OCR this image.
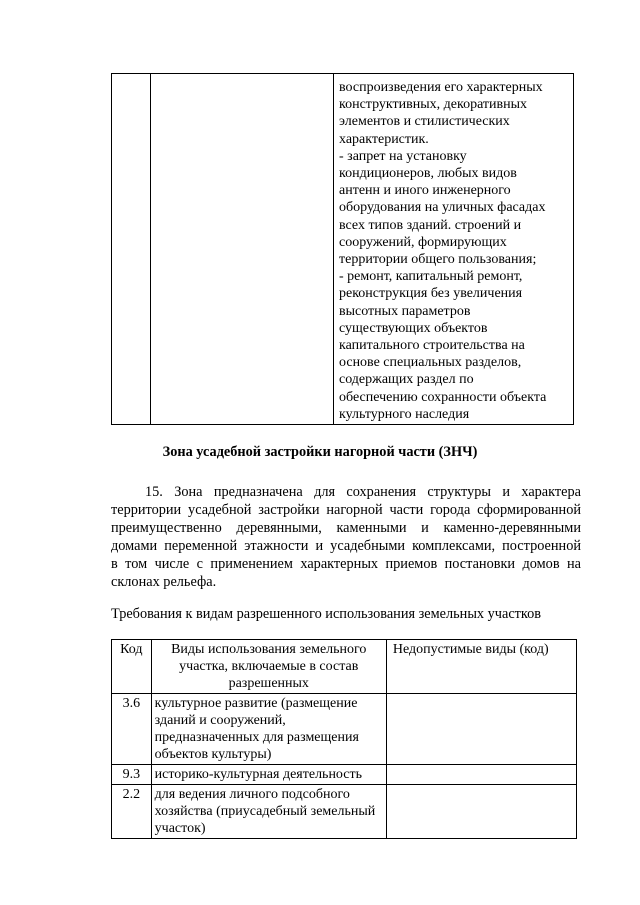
воспроизведения его характерных
конструктивных, декоративных
элементов и стилистических
характеристик.
- запрет на установку
кондиционеров, любых видов
антенн и иного инженерного
оборудования на уличных фасадах
всех типов зданий. строений и
сооружений, формирующих
территории общего пользования;
- ремонт, капитальный ремонт,
реконструкция без увеличения
высотных параметров
существующих объектов
капитального строительства на
основе специальных разделов,
содержащих раздел по
обеспечению сохранности объекта
культурного наследия
Зона усадебной застройки нагорной части (ЗНЧ)
15. Зона предназначена для сохранения структуры и характера
территории усадебной застройки нагорной части города сформированной
преимущественно деревянными, каменными и каменно-деревянными
домами переменной этажности и усадебными комплексами, построенной
в том числе с применением характерных приемов постановки домов на
склонах рельефа.
Требования к видам разрешенного использования земельных участков
Код	Виды использования земельного участка, включаемые в состав разрешенных	Недопустимые виды (код)
3.6	культурное развитие (размещение зданий и сооружений, предназначенных для размещения объектов культуры)	
9.3	историко-культурная деятельность	
2.2	для ведения личного подсобного хозяйства (приусадебный земельный участок)	
